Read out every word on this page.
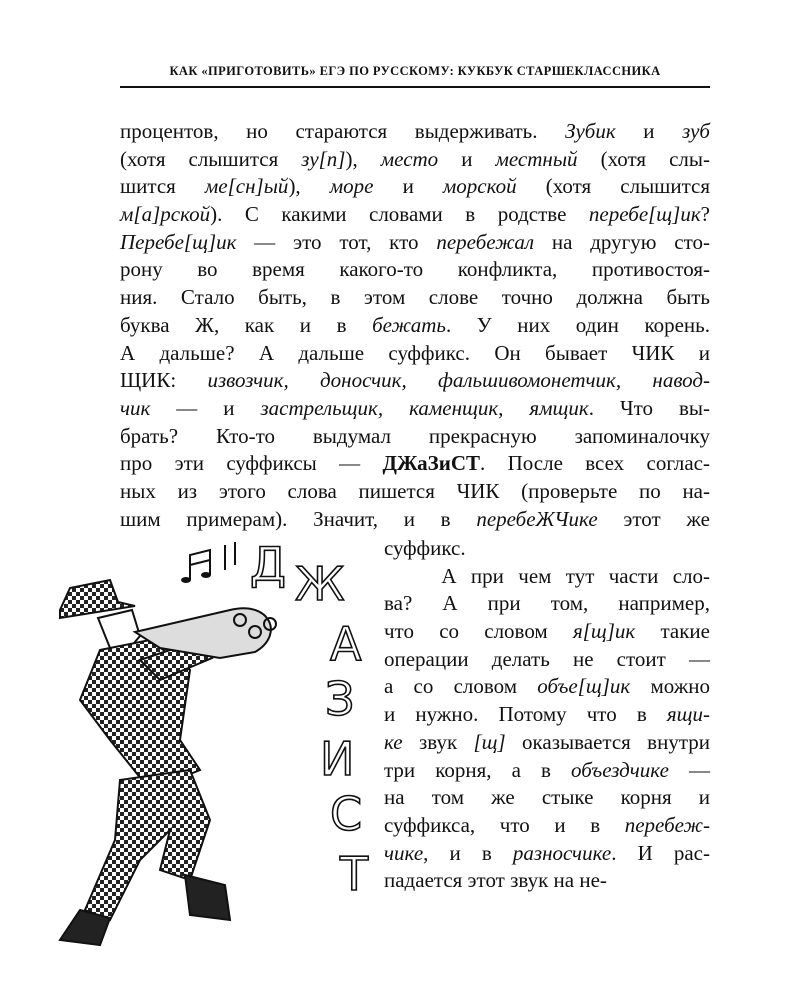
КАК «ПРИГОТОВИТЬ» ЕГЭ ПО РУССКОМУ: КУКБУК СТАРШЕКЛАССНИКА
процентов, но стараются выдерживать. Зубик и зуб
(хотя слышится зу[п]), место и местный (хотя слы-
шится ме[сн]ый), море и морской (хотя слышится
м[а]рской). С какими словами в родстве перебе[щ]ик?
Перебе[щ]ик — это тот, кто перебежал на другую сто-
рону во время какого-то конфликта, противостоя-
ния. Стало быть, в этом слове точно должна быть
буква Ж, как и в бежать. У них один корень.
А дальше? А дальше суффикс. Он бывает ЧИК и
ЩИК: извозчик, доносчик, фальшивомонетчик, навод-
чик — и застрельщик, каменщик, ямщик. Что вы-
брать? Кто-то выдумал прекрасную запоминалочку
про эти суффиксы — ДЖаЗиСТ. После всех соглас-
ных из этого слова пишется ЧИК (проверьте по на-
шим примерам). Значит, и в перебеЖЧике этот же
суффикс.
А при чем тут части сло-
ва? А при том, например,
что со словом я[щ]ик такие
операции делать не стоит —
а со словом объе[щ]ик можно
и нужно. Потому что в ящи-
ке звук [щ] оказывается внутри
три корня, а в объездчике —
на том же стыке корня и
суффикса, что и в перебеж-
чике, и в разносчике. И рас-
падается этот звук на не-
Д Ж
А
З
И
С
Т
